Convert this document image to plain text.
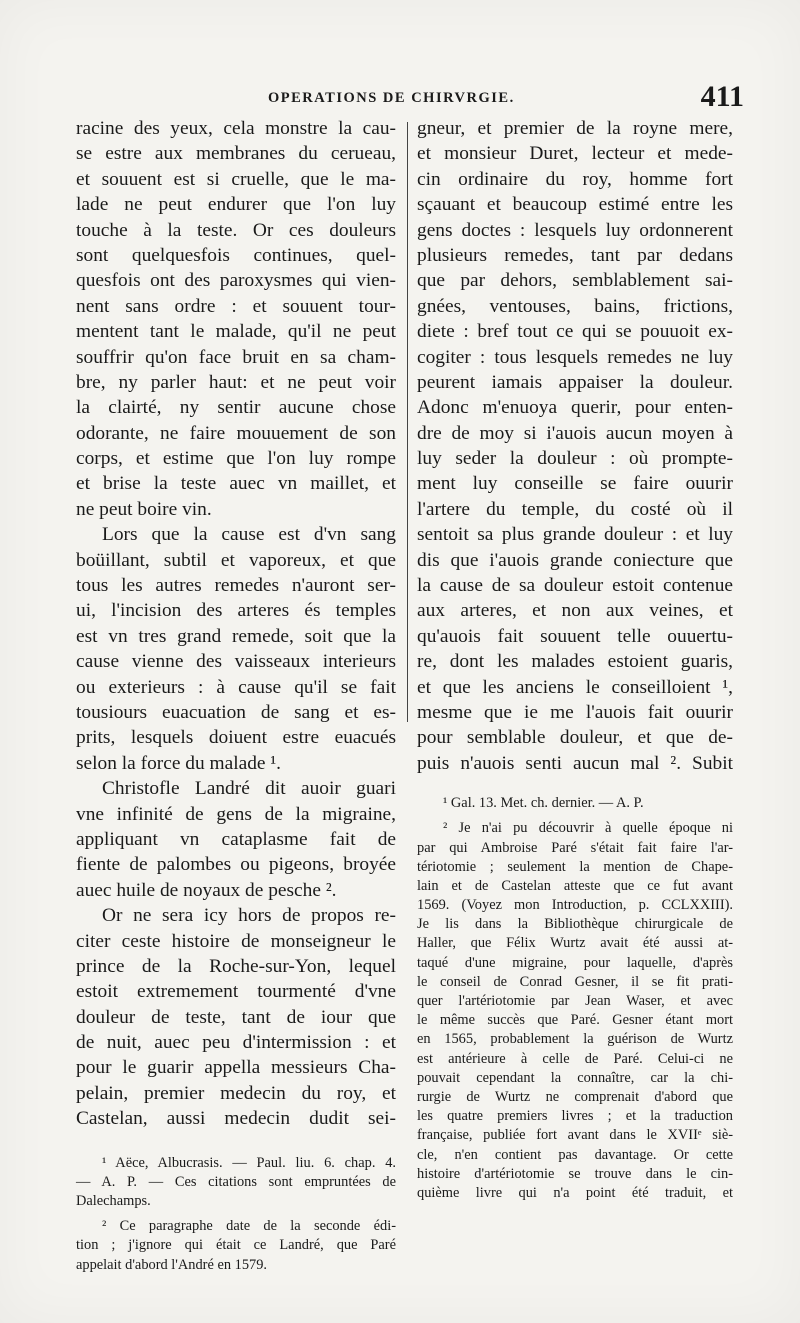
OPERATIONS DE CHIRVRGIE.	411
racine des yeux, cela monstre la cau-
se estre aux membranes du cerueau,
et souuent est si cruelle, que le ma-
lade ne peut endurer que l'on luy
touche à la teste. Or ces douleurs
sont quelquesfois continues, quel-
quesfois ont des paroxysmes qui vien-
nent sans ordre : et souuent tour-
mentent tant le malade, qu'il ne peut
souffrir qu'on face bruit en sa cham-
bre, ny parler haut: et ne peut voir
la clairté, ny sentir aucune chose
odorante, ne faire mouuement de son
corps, et estime que l'on luy rompe
et brise la teste auec vn maillet, et
ne peut boire vin.
Lors que la cause est d'vn sang
boüillant, subtil et vaporeux, et que
tous les autres remedes n'auront ser-
ui, l'incision des arteres és temples
est vn tres grand remede, soit que la
cause vienne des vaisseaux interieurs
ou exterieurs : à cause qu'il se fait
tousiours euacuation de sang et es-
prits, lesquels doiuent estre euacués
selon la force du malade ¹.
Christofle Landré dit auoir guari
vne infinité de gens de la migraine,
appliquant vn cataplasme fait de
fiente de palombes ou pigeons, broyée
auec huile de noyaux de pesche ².
Or ne sera icy hors de propos re-
citer ceste histoire de monseigneur le
prince de la Roche-sur-Yon, lequel
estoit extremement tourmenté d'vne
douleur de teste, tant de iour que
de nuit, auec peu d'intermission : et
pour le guarir appella messieurs Cha-
pelain, premier medecin du roy, et
Castelan, aussi medecin dudit sei-
¹ Aëce, Albucrasis. — Paul. liu. 6. chap. 4.
— A. P. — Ces citations sont empruntées de
Dalechamps.
² Ce paragraphe date de la seconde édi-
tion ; j'ignore qui était ce Landré, que Paré
appelait d'abord l'André en 1579.
gneur, et premier de la royne mere,
et monsieur Duret, lecteur et mede-
cin ordinaire du roy, homme fort
sçauant et beaucoup estimé entre les
gens doctes : lesquels luy ordonnerent
plusieurs remedes, tant par dedans
que par dehors, semblablement sai-
gnées, ventouses, bains, frictions,
diete : bref tout ce qui se pouuoit ex-
cogiter : tous lesquels remedes ne luy
peurent iamais appaiser la douleur.
Adonc m'enuoya querir, pour enten-
dre de moy si i'auois aucun moyen à
luy seder la douleur : où prompte-
ment luy conseille se faire ouurir
l'artere du temple, du costé où il
sentoit sa plus grande douleur : et luy
dis que i'auois grande coniecture que
la cause de sa douleur estoit contenue
aux arteres, et non aux veines, et
qu'auois fait souuent telle ouuertu-
re, dont les malades estoient guaris,
et que les anciens le conseilloient ¹,
mesme que ie me l'auois fait ouurir
pour semblable douleur, et que de-
puis n'auois senti aucun mal ². Subit
¹ Gal. 13. Met. ch. dernier. — A. P.
² Je n'ai pu découvrir à quelle époque ni
par qui Ambroise Paré s'était fait faire l'ar-
tériotomie ; seulement la mention de Chape-
lain et de Castelan atteste que ce fut avant
1569. (Voyez mon Introduction, p. CCLXXIII).
Je lis dans la Bibliothèque chirurgicale de
Haller, que Félix Wurtz avait été aussi at-
taqué d'une migraine, pour laquelle, d'après
le conseil de Conrad Gesner, il se fit prati-
quer l'artériotomie par Jean Waser, et avec
le même succès que Paré. Gesner étant mort
en 1565, probablement la guérison de Wurtz
est antérieure à celle de Paré. Celui-ci ne
pouvait cependant la connaître, car la chi-
rurgie de Wurtz ne comprenait d'abord que
les quatre premiers livres ; et la traduction
française, publiée fort avant dans le XVIIᵉ siè-
cle, n'en contient pas davantage. Or cette
histoire d'artériotomie se trouve dans le cin-
quième livre qui n'a point été traduit, et
